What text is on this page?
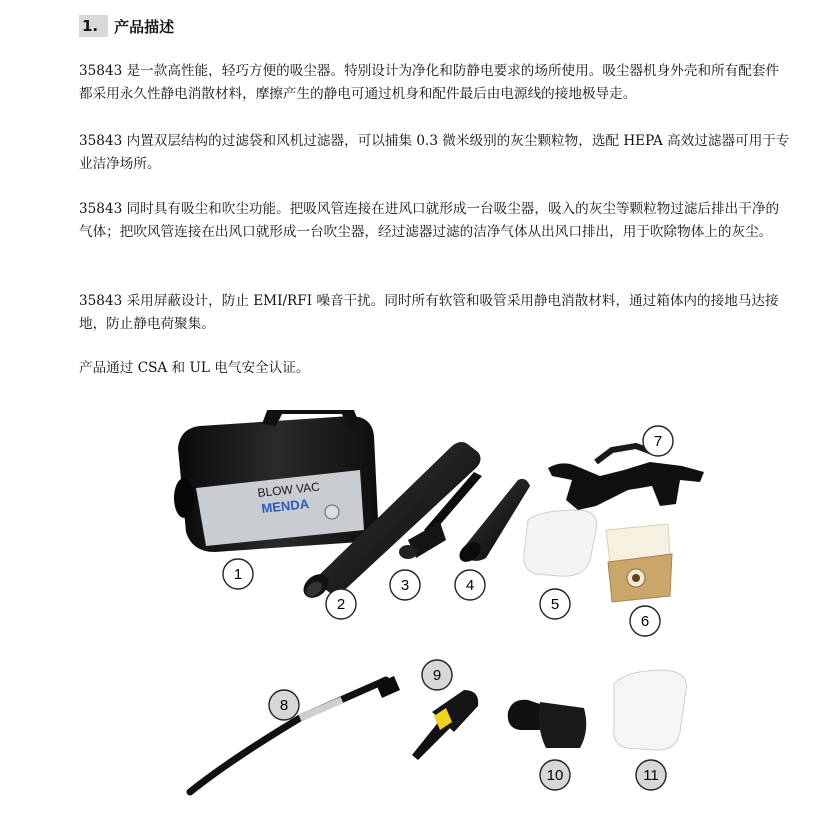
1.	产品描述

35843 是一款高性能，轻巧方便的吸尘器。特别设计为净化和防静电要求的场所使用。吸尘器机身外壳和所有配套件都采用永久性静电消散材料，摩擦产生的静电可通过机身和配件最后由电源线的接地极导走。

35843 内置双层结构的过滤袋和风机过滤器，可以捕集 0.3 微米级别的灰尘颗粒物，选配 HEPA 高效过滤器可用于专业洁净场所。

35843 同时具有吸尘和吹尘功能。把吸风管连接在进风口就形成一台吸尘器，吸入的灰尘等颗粒物过滤后排出干净的气体；把吹风管连接在出风口就形成一台吹尘器，经过滤器过滤的洁净气体从出风口排出，用于吹除物体上的灰尘。

35843 采用屏蔽设计，防止 EMI/RFI 噪音干扰。同时所有软管和吸管采用静电消散材料，通过箱体内的接地马达接地，防止静电荷聚集。

产品通过 CSA 和 UL 电气安全认证。

BLOW VAC
MENDA
1
2
3	4
5
6
7
8
9
10	11
